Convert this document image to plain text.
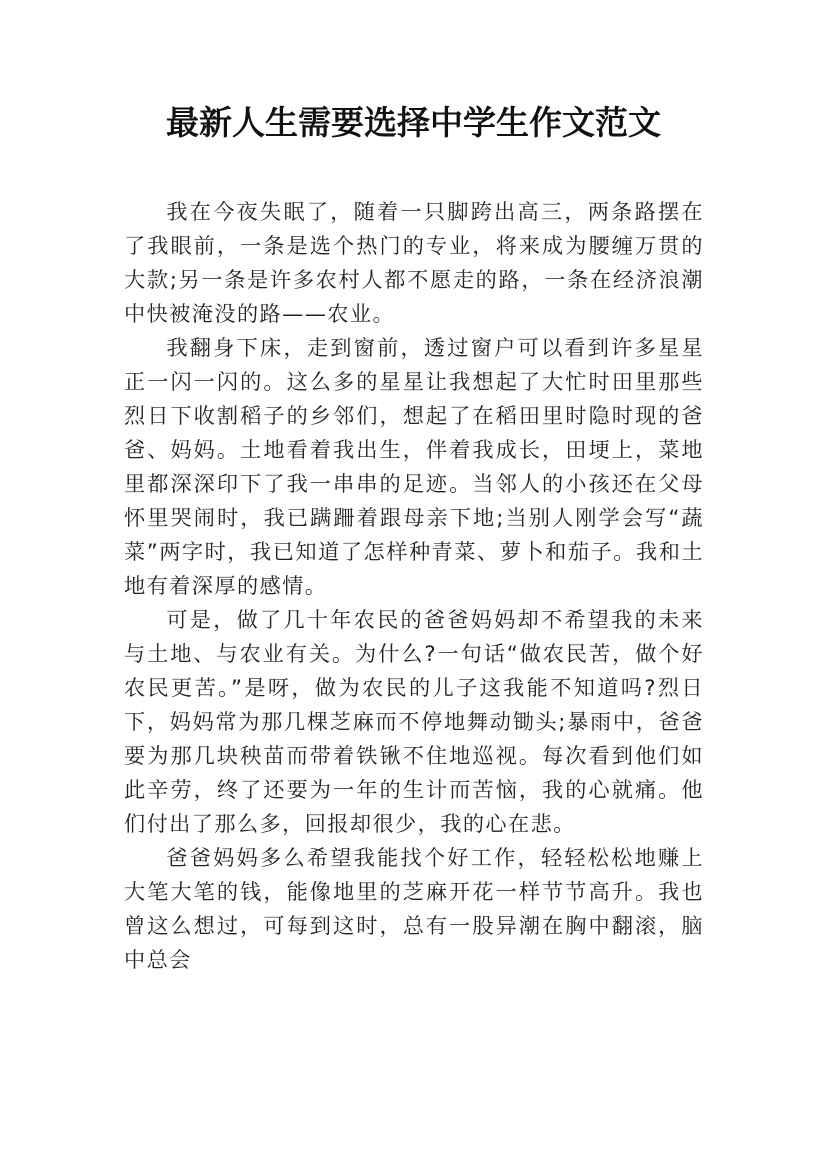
最新人生需要选择中学生作文范文

我在今夜失眠了，随着一只脚跨出高三，两条路摆在了我眼前，一条是选个热门的专业，将来成为腰缠万贯的大款;另一条是许多农村人都不愿走的路，一条在经济浪潮中快被淹没的路——农业。

我翻身下床，走到窗前，透过窗户可以看到许多星星正一闪一闪的。这么多的星星让我想起了大忙时田里那些烈日下收割稻子的乡邻们，想起了在稻田里时隐时现的爸爸、妈妈。土地看着我出生，伴着我成长，田埂上，菜地里都深深印下了我一串串的足迹。当邻人的小孩还在父母怀里哭闹时，我已蹒跚着跟母亲下地;当别人刚学会写“蔬菜”两字时，我已知道了怎样种青菜、萝卜和茄子。我和土地有着深厚的感情。

可是，做了几十年农民的爸爸妈妈却不希望我的未来与土地、与农业有关。为什么?一句话“做农民苦，做个好农民更苦。”是呀，做为农民的儿子这我能不知道吗?烈日下，妈妈常为那几棵芝麻而不停地舞动锄头;暴雨中，爸爸要为那几块秧苗而带着铁锹不住地巡视。每次看到他们如此辛劳，终了还要为一年的生计而苦恼，我的心就痛。他们付出了那么多，回报却很少，我的心在悲。

爸爸妈妈多么希望我能找个好工作，轻轻松松地赚上大笔大笔的钱，能像地里的芝麻开花一样节节高升。我也曾这么想过，可每到这时，总有一股异潮在胸中翻滚，脑中总会
